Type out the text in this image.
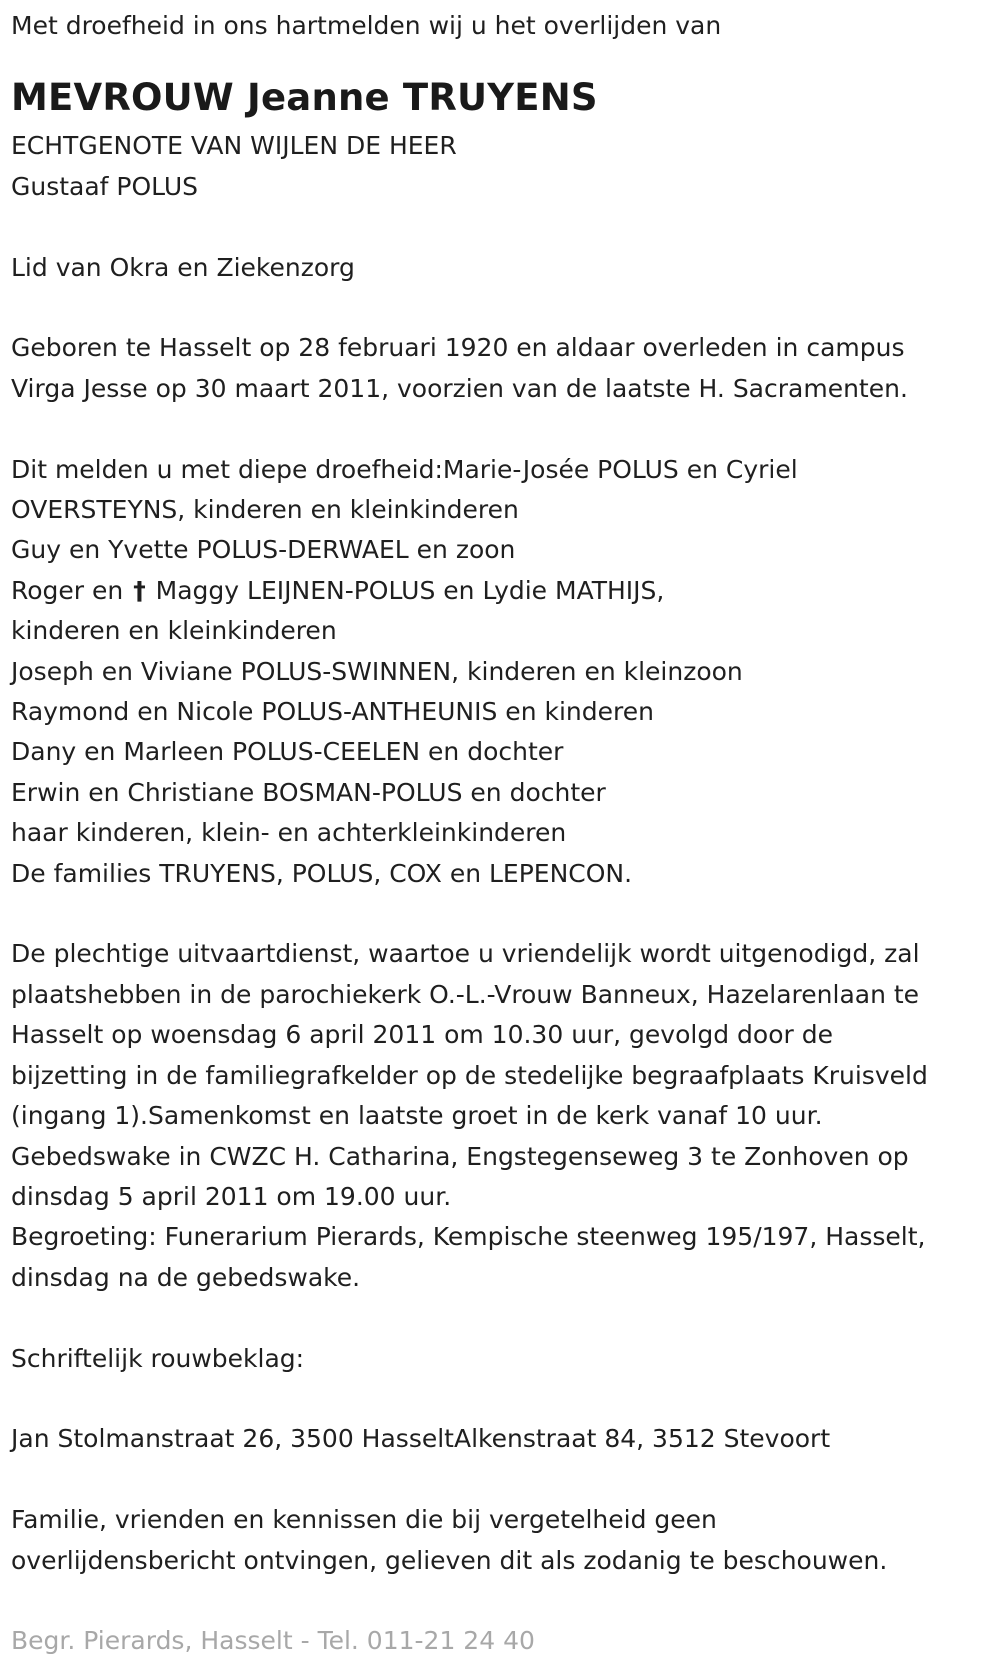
Met droefheid in ons hartmelden wij u het overlijden van
MEVROUW Jeanne TRUYENS
ECHTGENOTE VAN WIJLEN DE HEER
Gustaaf POLUS
Lid van Okra en Ziekenzorg
Geboren te Hasselt op 28 februari 1920 en aldaar overleden in campus
Virga Jesse op 30 maart 2011, voorzien van de laatste H. Sacramenten.
Dit melden u met diepe droefheid:Marie-Josée POLUS en Cyriel
OVERSTEYNS, kinderen en kleinkinderen
Guy en Yvette POLUS-DERWAEL en zoon
Roger en † Maggy LEIJNEN-POLUS en Lydie MATHIJS,
kinderen en kleinkinderen
Joseph en Viviane POLUS-SWINNEN, kinderen en kleinzoon
Raymond en Nicole POLUS-ANTHEUNIS en kinderen
Dany en Marleen POLUS-CEELEN en dochter
Erwin en Christiane BOSMAN-POLUS en dochter
haar kinderen, klein- en achterkleinkinderen
De families TRUYENS, POLUS, COX en LEPENCON.
De plechtige uitvaartdienst, waartoe u vriendelijk wordt uitgenodigd, zal
plaatshebben in de parochiekerk O.-L.-Vrouw Banneux, Hazelarenlaan te
Hasselt op woensdag 6 april 2011 om 10.30 uur, gevolgd door de
bijzetting in de familiegrafkelder op de stedelijke begraafplaats Kruisveld
(ingang 1).Samenkomst en laatste groet in de kerk vanaf 10 uur.
Gebedswake in CWZC H. Catharina, Engstegenseweg 3 te Zonhoven op
dinsdag 5 april 2011 om 19.00 uur.
Begroeting: Funerarium Pierards, Kempische steenweg 195/197, Hasselt,
dinsdag na de gebedswake.
Schriftelijk rouwbeklag:
Jan Stolmanstraat 26, 3500 HasseltAlkenstraat 84, 3512 Stevoort
Familie, vrienden en kennissen die bij vergetelheid geen
overlijdensbericht ontvingen, gelieven dit als zodanig te beschouwen.
Begr. Pierards, Hasselt - Tel. 011-21 24 40
